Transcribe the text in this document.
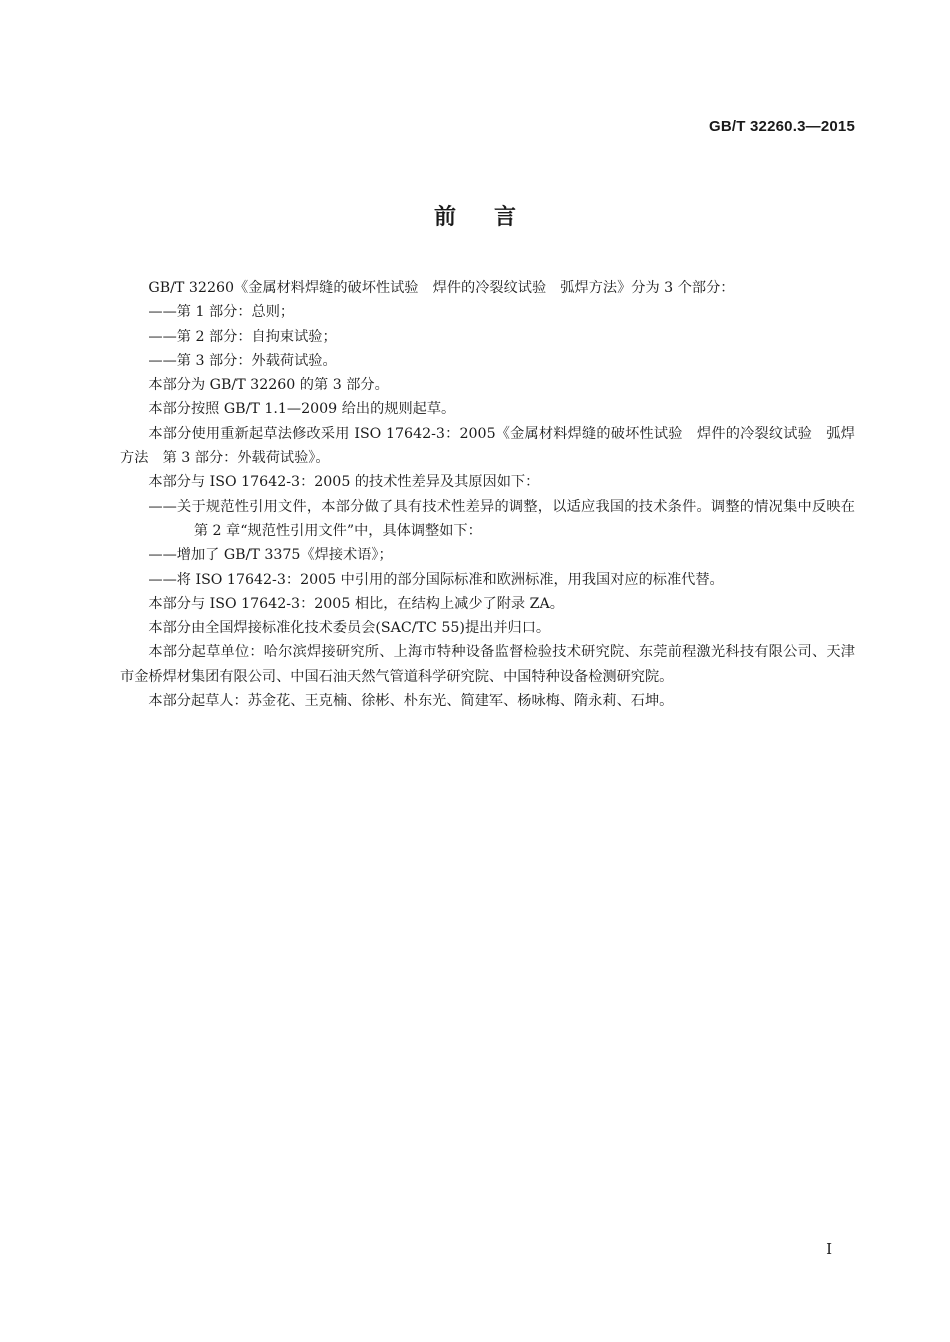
GB/T 32260.3—2015
前言

GB/T 32260《金属材料焊缝的破坏性试验　焊件的冷裂纹试验　弧焊方法》分为 3 个部分：

——第 1 部分：总则；

——第 2 部分：自拘束试验；

——第 3 部分：外载荷试验。

本部分为 GB/T 32260 的第 3 部分。

本部分按照 GB/T 1.1—2009 给出的规则起草。

本部分使用重新起草法修改采用 ISO 17642-3：2005《金属材料焊缝的破坏性试验　焊件的冷裂纹试验　弧焊方法　第 3 部分：外载荷试验》。

本部分与 ISO 17642-3：2005 的技术性差异及其原因如下：

——关于规范性引用文件，本部分做了具有技术性差异的调整，以适应我国的技术条件。调整的情况集中反映在第 2 章“规范性引用文件”中，具体调整如下：

——增加了 GB/T 3375《焊接术语》；

——将 ISO 17642-3：2005 中引用的部分国际标准和欧洲标准，用我国对应的标准代替。

本部分与 ISO 17642-3：2005 相比，在结构上减少了附录 ZA。

本部分由全国焊接标准化技术委员会(SAC/TC 55)提出并归口。

本部分起草单位：哈尔滨焊接研究所、上海市特种设备监督检验技术研究院、东莞前程激光科技有限公司、天津市金桥焊材集团有限公司、中国石油天然气管道科学研究院、中国特种设备检测研究院。

本部分起草人：苏金花、王克楠、徐彬、朴东光、简建军、杨咏梅、隋永莉、石坤。

I
